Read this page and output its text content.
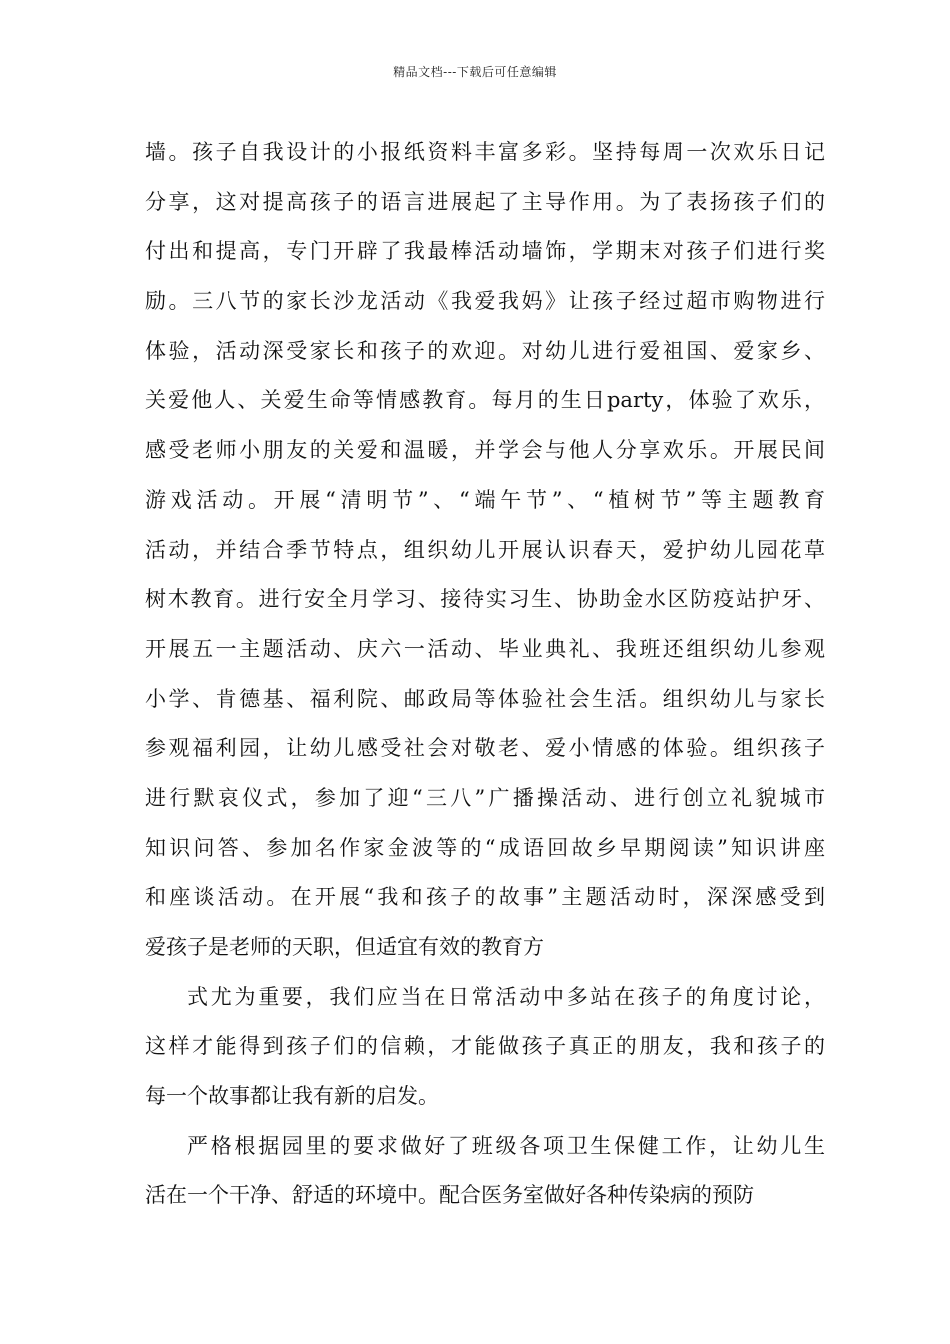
精品文档---下载后可任意编辑
墙。孩子自我设计的小报纸资料丰富多彩。坚持每周一次欢乐日记
分享，这对提高孩子的语言进展起了主导作用。为了表扬孩子们的
付出和提高，专门开辟了我最棒活动墙饰，学期末对孩子们进行奖
励。三八节的家长沙龙活动《我爱我妈》让孩子经过超市购物进行
体验，活动深受家长和孩子的欢迎。对幼儿进行爱祖国、爱家乡、
关爱他人、关爱生命等情感教育。每月的生日party，体验了欢乐，
感受老师小朋友的关爱和温暖，并学会与他人分享欢乐。开展民间
游戏活动。开展“清明节”、“端午节”、“植树节”等主题教育
活动，并结合季节特点，组织幼儿开展认识春天，爱护幼儿园花草
树木教育。进行安全月学习、接待实习生、协助金水区防疫站护牙、
开展五一主题活动、庆六一活动、毕业典礼、我班还组织幼儿参观
小学、肯德基、福利院、邮政局等体验社会生活。组织幼儿与家长
参观福利园，让幼儿感受社会对敬老、爱小情感的体验。组织孩子
进行默哀仪式，参加了迎“三八”广播操活动、进行创立礼貌城市
知识问答、参加名作家金波等的“成语回故乡早期阅读”知识讲座
和座谈活动。在开展“我和孩子的故事”主题活动时，深深感受到
爱孩子是老师的天职，但适宜有效的教育方
式尤为重要，我们应当在日常活动中多站在孩子的角度讨论，
这样才能得到孩子们的信赖，才能做孩子真正的朋友，我和孩子的
每一个故事都让我有新的启发。
严格根据园里的要求做好了班级各项卫生保健工作，让幼儿生
活在一个干净、舒适的环境中。配合医务室做好各种传染病的预防
